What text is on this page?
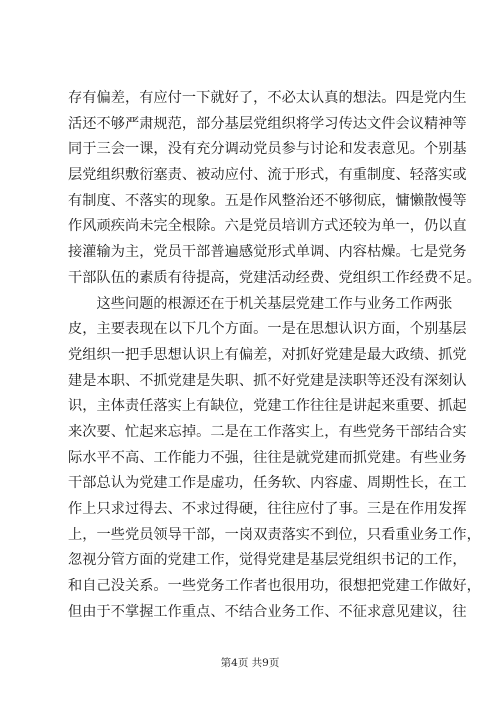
存有偏差，有应付一下就好了，不必太认真的想法。四是党内生
活还不够严肃规范，部分基层党组织将学习传达文件会议精神等
同于三会一课，没有充分调动党员参与讨论和发表意见。个别基
层党组织敷衍塞责、被动应付、流于形式，有重制度、轻落实或
有制度、不落实的现象。五是作风整治还不够彻底，慵懒散慢等
作风顽疾尚未完全根除。六是党员培训方式还较为单一，仍以直
接灌输为主，党员干部普遍感觉形式单调、内容枯燥。七是党务
干部队伍的素质有待提高，党建活动经费、党组织工作经费不足。

　　这些问题的根源还在于机关基层党建工作与业务工作两张
皮，主要表现在以下几个方面。一是在思想认识方面，个别基层
党组织一把手思想认识上有偏差，对抓好党建是最大政绩、抓党
建是本职、不抓党建是失职、抓不好党建是渎职等还没有深刻认
识，主体责任落实上有缺位，党建工作往往是讲起来重要、抓起
来次要、忙起来忘掉。二是在工作落实上，有些党务干部结合实
际水平不高、工作能力不强，往往是就党建而抓党建。有些业务
干部总认为党建工作是虚功，任务软、内容虚、周期性长，在工
作上只求过得去、不求过得硬，往往应付了事。三是在作用发挥
上，一些党员领导干部，一岗双责落实不到位，只看重业务工作，
忽视分管方面的党建工作，觉得党建是基层党组织书记的工作，
和自己没关系。一些党务工作者也很用功，很想把党建工作做好，
但由于不掌握工作重点、不结合业务工作、不征求意见建议，往

第4页 共9页
